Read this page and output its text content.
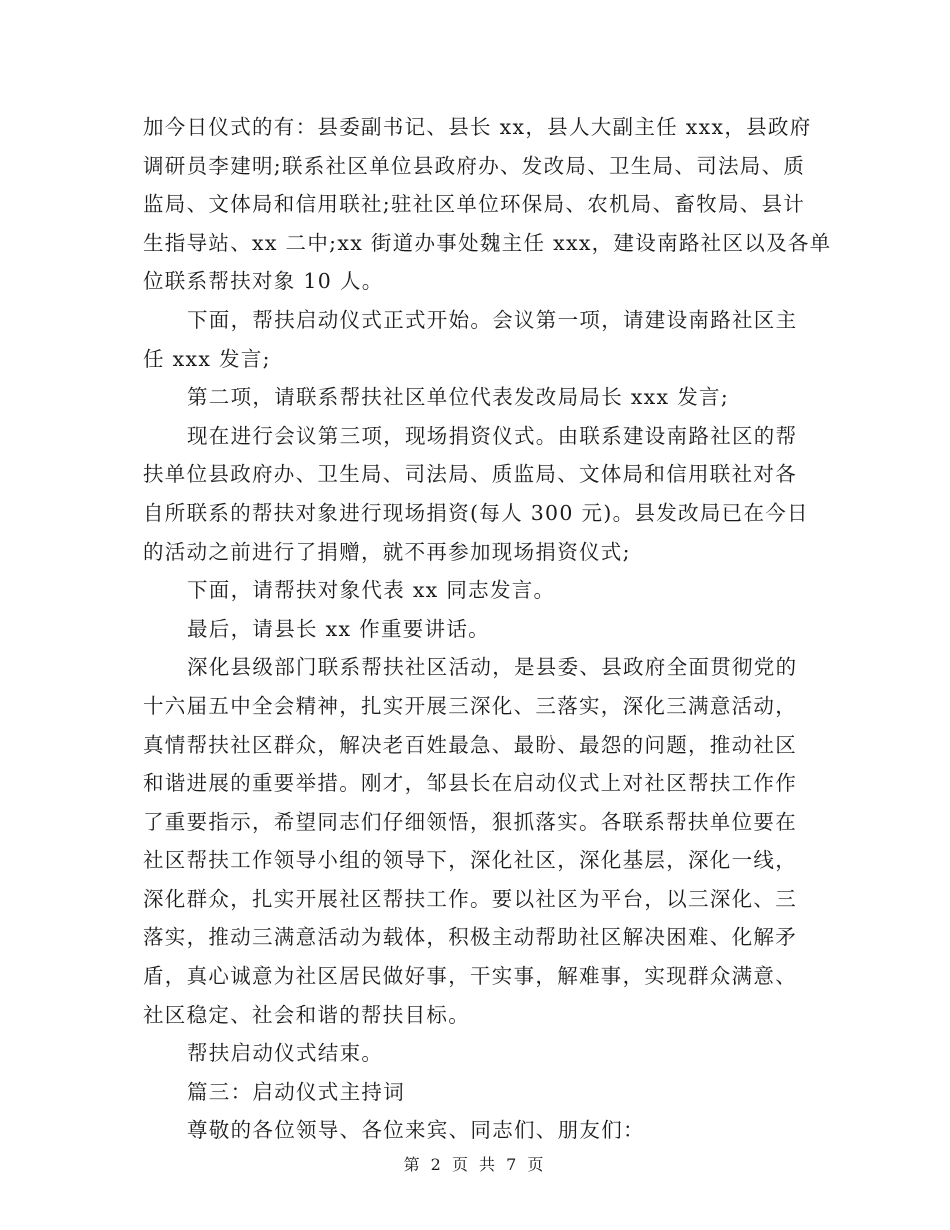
加今日仪式的有：县委副书记、县长 xx，县人大副主任 xxx，县政府
调研员李建明;联系社区单位县政府办、发改局、卫生局、司法局、质
监局、文体局和信用联社;驻社区单位环保局、农机局、畜牧局、县计
生指导站、xx 二中;xx 街道办事处魏主任 xxx，建设南路社区以及各单
位联系帮扶对象 10 人。
下面，帮扶启动仪式正式开始。会议第一项，请建设南路社区主
任 xxx 发言;
第二项，请联系帮扶社区单位代表发改局局长 xxx 发言;
现在进行会议第三项，现场捐资仪式。由联系建设南路社区的帮
扶单位县政府办、卫生局、司法局、质监局、文体局和信用联社对各
自所联系的帮扶对象进行现场捐资(每人 300 元)。县发改局已在今日
的活动之前进行了捐赠，就不再参加现场捐资仪式;
下面，请帮扶对象代表 xx 同志发言。
最后，请县长 xx 作重要讲话。
深化县级部门联系帮扶社区活动，是县委、县政府全面贯彻党的
十六届五中全会精神，扎实开展三深化、三落实，深化三满意活动，
真情帮扶社区群众，解决老百姓最急、最盼、最怨的问题，推动社区
和谐进展的重要举措。刚才，邹县长在启动仪式上对社区帮扶工作作
了重要指示，希望同志们仔细领悟，狠抓落实。各联系帮扶单位要在
社区帮扶工作领导小组的领导下，深化社区，深化基层，深化一线，
深化群众，扎实开展社区帮扶工作。要以社区为平台，以三深化、三
落实，推动三满意活动为载体，积极主动帮助社区解决困难、化解矛
盾，真心诚意为社区居民做好事，干实事，解难事，实现群众满意、
社区稳定、社会和谐的帮扶目标。
帮扶启动仪式结束。
篇三：启动仪式主持词
尊敬的各位领导、各位来宾、同志们、朋友们：
第 2 页 共 7 页
